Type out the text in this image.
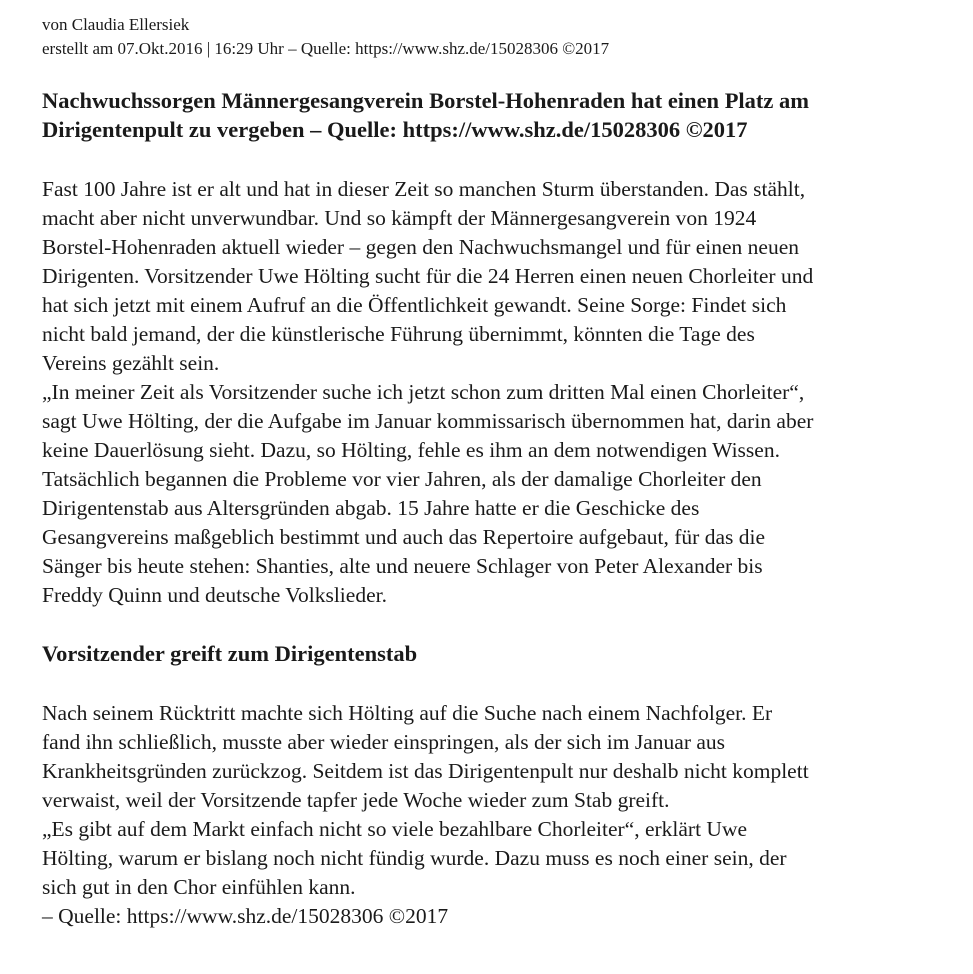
von Claudia Ellersiek
erstellt am 07.Okt.2016 | 16:29 Uhr – Quelle: https://www.shz.de/15028306 ©2017
Nachwuchssorgen Männergesangverein Borstel-Hohenraden hat einen Platz am
Dirigentenpult zu vergeben – Quelle: https://www.shz.de/15028306 ©2017
Fast 100 Jahre ist er alt und hat in dieser Zeit so manchen Sturm überstanden. Das stählt,
macht aber nicht unverwundbar. Und so kämpft der Männergesangverein von 1924
Borstel-Hohenraden aktuell wieder – gegen den Nachwuchsmangel und für einen neuen
Dirigenten. Vorsitzender Uwe Hölting sucht für die 24 Herren einen neuen Chorleiter und
hat sich jetzt mit einem Aufruf an die Öffentlichkeit gewandt. Seine Sorge: Findet sich
nicht bald jemand, der die künstlerische Führung übernimmt, könnten die Tage des
Vereins gezählt sein.
„In meiner Zeit als Vorsitzender suche ich jetzt schon zum dritten Mal einen Chorleiter“,
sagt Uwe Hölting, der die Aufgabe im Januar kommissarisch übernommen hat, darin aber
keine Dauerlösung sieht. Dazu, so Hölting, fehle es ihm an dem notwendigen Wissen.
Tatsächlich begannen die Probleme vor vier Jahren, als der damalige Chorleiter den
Dirigentenstab aus Altersgründen abgab. 15 Jahre hatte er die Geschicke des
Gesangvereins maßgeblich bestimmt und auch das Repertoire aufgebaut, für das die
Sänger bis heute stehen: Shanties, alte und neuere Schlager von Peter Alexander bis
Freddy Quinn und deutsche Volkslieder.
Vorsitzender greift zum Dirigentenstab
Nach seinem Rücktritt machte sich Hölting auf die Suche nach einem Nachfolger. Er
fand ihn schließlich, musste aber wieder einspringen, als der sich im Januar aus
Krankheitsgründen zurückzog. Seitdem ist das Dirigentenpult nur deshalb nicht komplett
verwaist, weil der Vorsitzende tapfer jede Woche wieder zum Stab greift.
„Es gibt auf dem Markt einfach nicht so viele bezahlbare Chorleiter“, erklärt Uwe
Hölting, warum er bislang noch nicht fündig wurde. Dazu muss es noch einer sein, der
sich gut in den Chor einfühlen kann.
– Quelle: https://www.shz.de/15028306 ©2017
